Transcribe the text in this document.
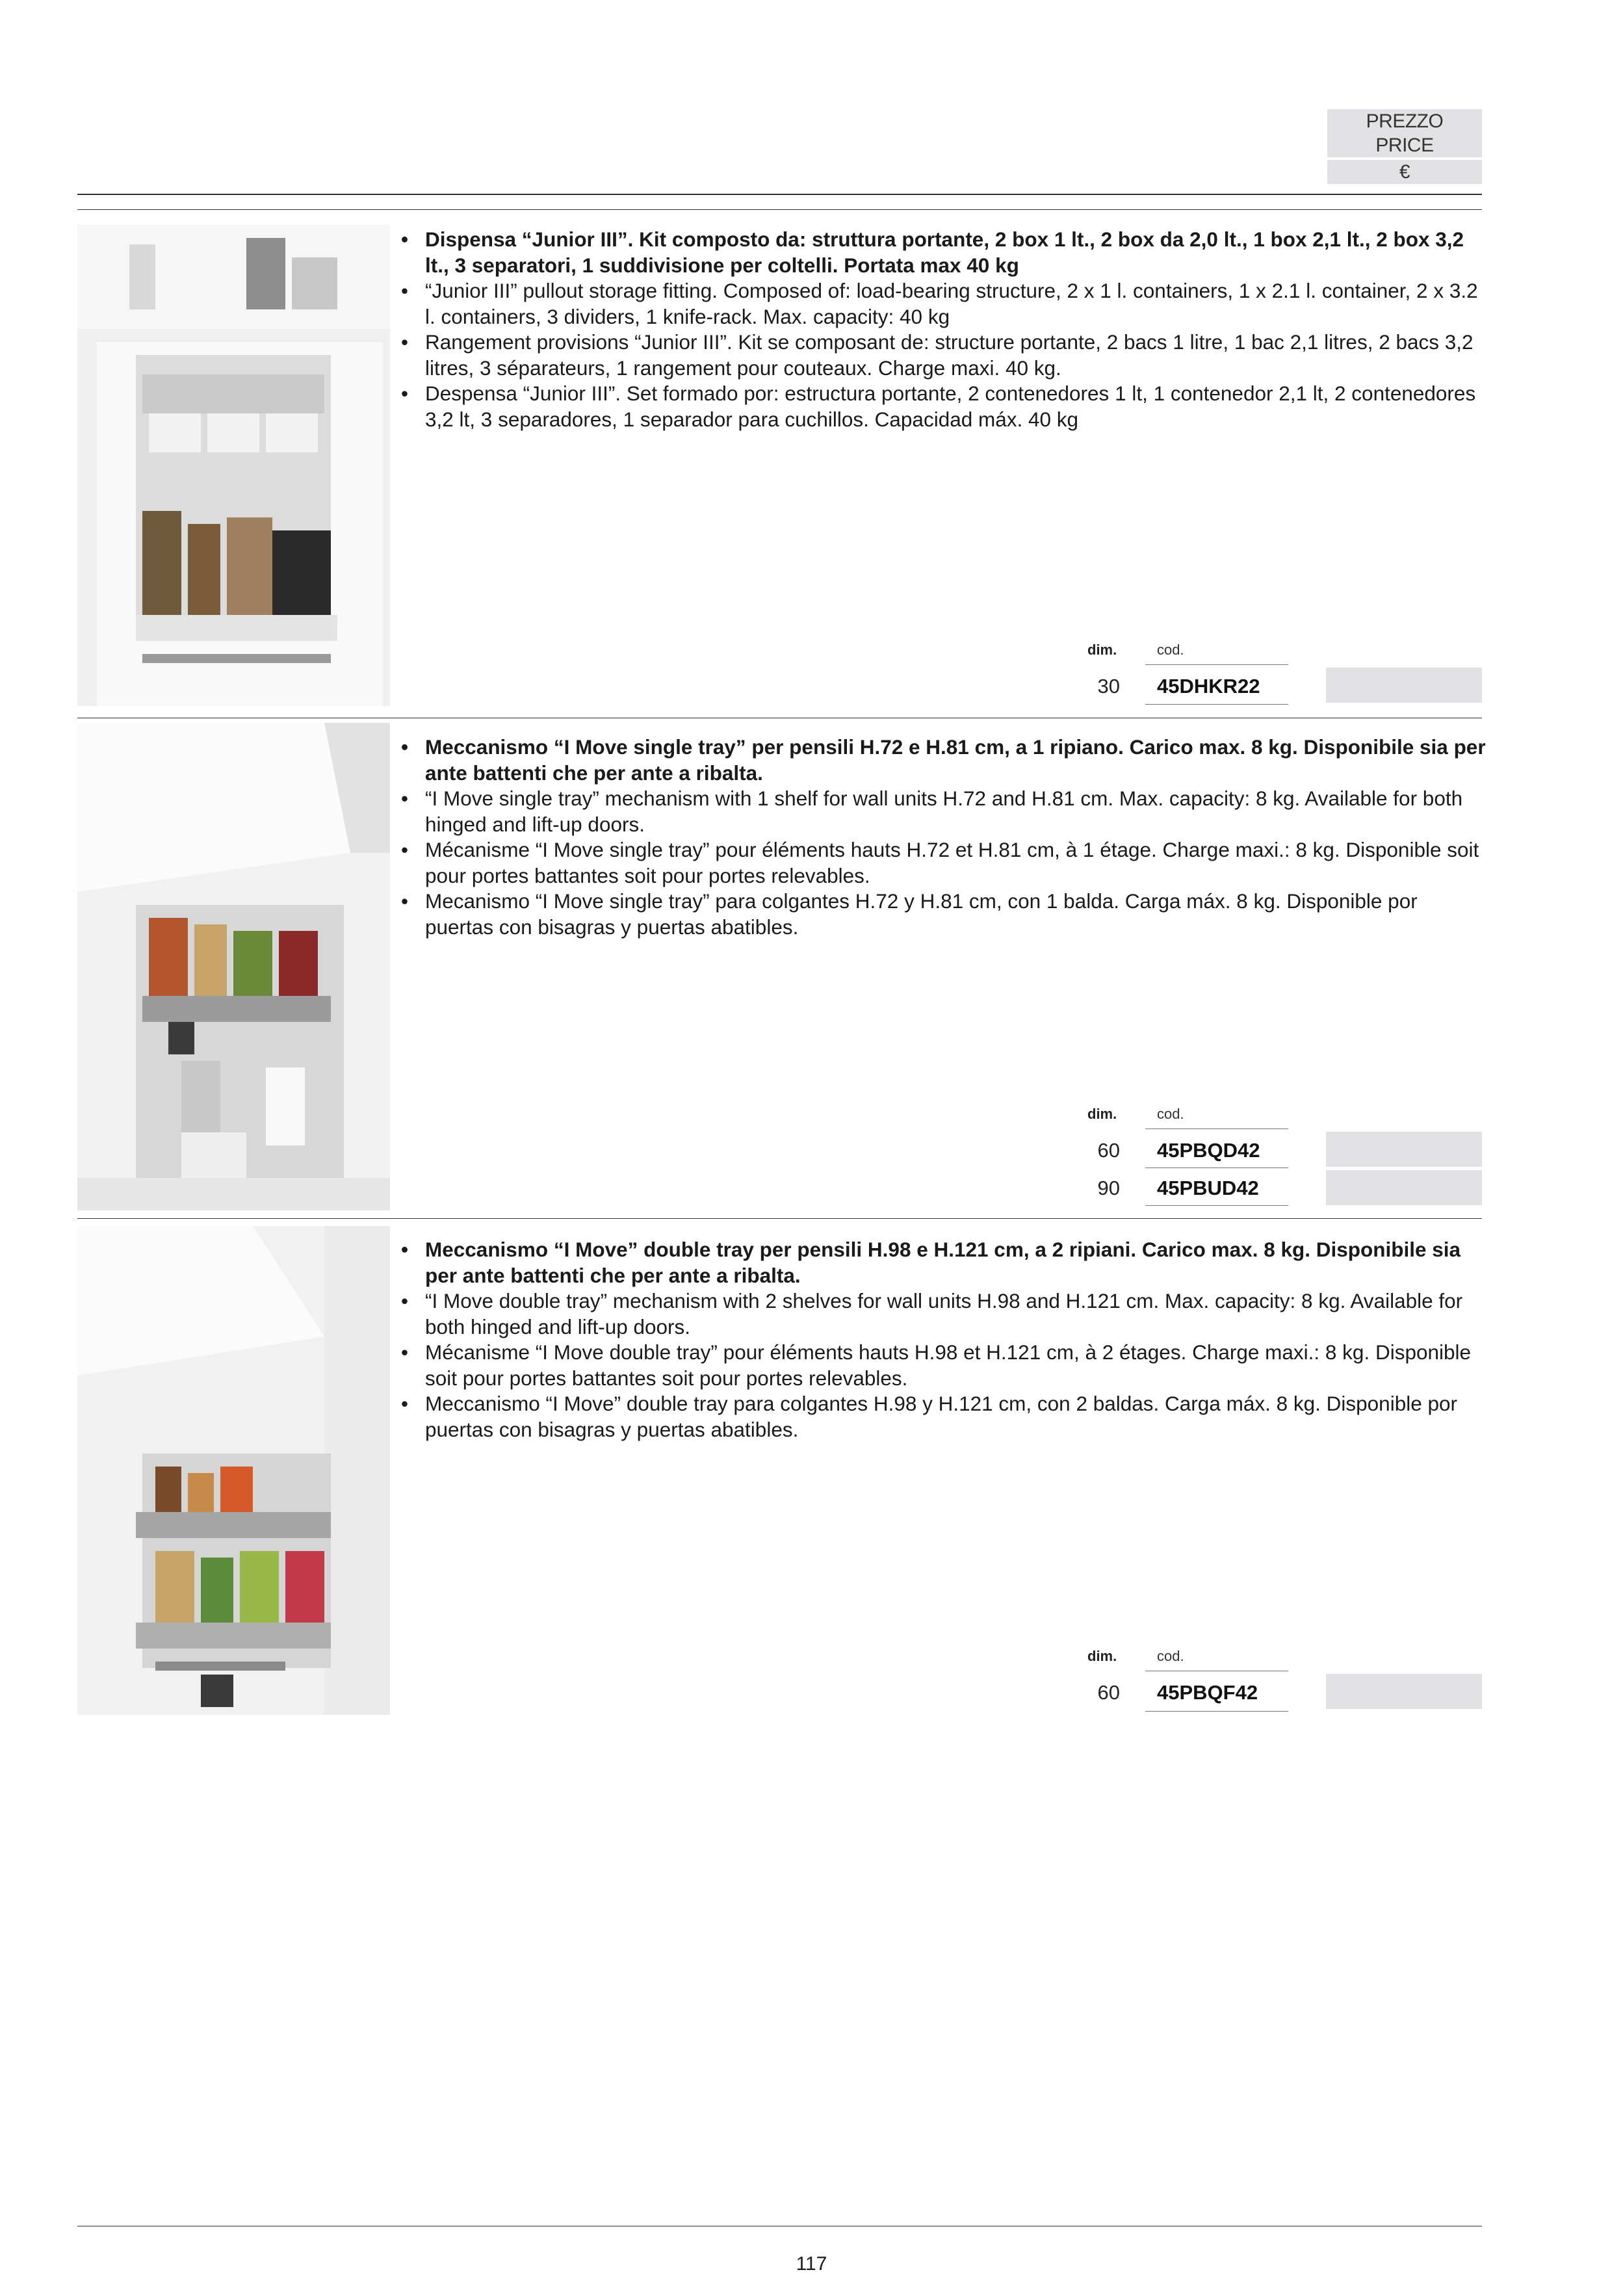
PREZZO
PRICE
€
• Dispensa “Junior III”. Kit composto da: struttura portante, 2 box 1 lt., 2 box da 2,0 lt., 1 box 2,1 lt., 2 box 3,2 lt., 3 separatori, 1 suddivisione per coltelli. Portata max 40 kg
• “Junior III” pullout storage fitting. Composed of: load-bearing structure, 2 x 1 l. containers, 1 x 2.1 l. container, 2 x 3.2 l. containers, 3 dividers, 1 knife-rack. Max. capacity: 40 kg
• Rangement provisions “Junior III”. Kit se composant de: structure portante, 2 bacs 1 litre, 1 bac 2,1 litres, 2 bacs 3,2 litres, 3 séparateurs, 1 rangement pour couteaux. Charge maxi. 40 kg.
• Despensa “Junior III”. Set formado por: estructura portante, 2 contenedores 1 lt, 1 contenedor 2,1 lt, 2 contenedores 3,2 lt, 3 separadores, 1 separador para cuchillos. Capacidad máx. 40 kg
dim.	cod.
30 45DHKR22
• Meccanismo “I Move single tray” per pensili H.72 e H.81 cm, a 1 ripiano. Carico max. 8 kg. Disponibile sia per ante battenti che per ante a ribalta.
• “I Move single tray” mechanism with 1 shelf for wall units H.72 and H.81 cm. Max. capacity: 8 kg. Available for both hinged and lift-up doors.
• Mécanisme “I Move single tray” pour éléments hauts H.72 et H.81 cm, à 1 étage. Charge maxi.: 8 kg. Disponible soit pour portes battantes soit pour portes relevables.
• Mecanismo “I Move single tray” para colgantes H.72 y H.81 cm, con 1 balda. Carga máx. 8 kg. Disponible por puertas con bisagras y puertas abatibles.
dim.	cod.
60 45PBQD42
90 45PBUD42
• Meccanismo “I Move” double tray per pensili H.98 e H.121 cm, a 2 ripiani. Carico max. 8 kg. Disponibile sia per ante battenti che per ante a ribalta.
• “I Move double tray” mechanism with 2 shelves for wall units H.98 and H.121 cm. Max. capacity: 8 kg. Available for both hinged and lift-up doors.
• Mécanisme “I Move double tray” pour éléments hauts H.98 et H.121 cm, à 2 étages. Charge maxi.: 8 kg. Disponible soit pour portes battantes soit pour portes relevables.
• Meccanismo “I Move” double tray para colgantes H.98 y H.121 cm, con 2 baldas. Carga máx. 8 kg. Disponible por puertas con bisagras y puertas abatibles.
dim.	cod.
60 45PBQF42
117
